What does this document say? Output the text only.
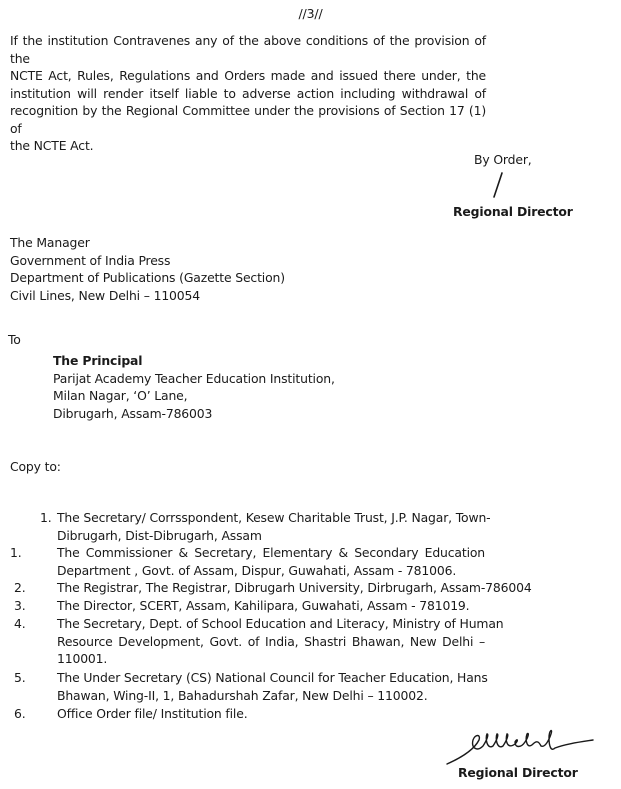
//3//
If the institution Contravenes any of the above conditions of the provision of the
NCTE Act, Rules, Regulations and Orders made and issued there under, the
institution will render itself liable to adverse action including withdrawal of
recognition by the Regional Committee under the provisions of Section 17 (1) of
the NCTE Act.
By Order,
Regional Director
The Manager
Government of India Press
Department of Publications (Gazette Section)
Civil Lines, New Delhi – 110054
To
The Principal
Parijat Academy Teacher Education Institution,
Milan Nagar, ‘O’ Lane,
Dibrugarh, Assam-786003
Copy to:
1. The Secretary/ Corrsspondent, Kesew Charitable Trust, J.P. Nagar, Town-
Dibrugarh, Dist-Dibrugarh, Assam
1.	The Commissioner & Secretary, Elementary & Secondary Education
Department , Govt. of Assam, Dispur, Guwahati, Assam - 781006.
2.	The Registrar, The Registrar, Dibrugarh University, Dirbrugarh, Assam-786004
3.	The Director, SCERT, Assam, Kahilipara, Guwahati, Assam - 781019.
4.	The Secretary, Dept. of School Education and Literacy, Ministry of Human
Resource Development, Govt. of India, Shastri Bhawan, New Delhi –
110001.
5.	The Under Secretary (CS) National Council for Teacher Education, Hans
Bhawan, Wing-II, 1, Bahadurshah Zafar, New Delhi – 110002.
6.	Office Order file/ Institution file.
Regional Director
